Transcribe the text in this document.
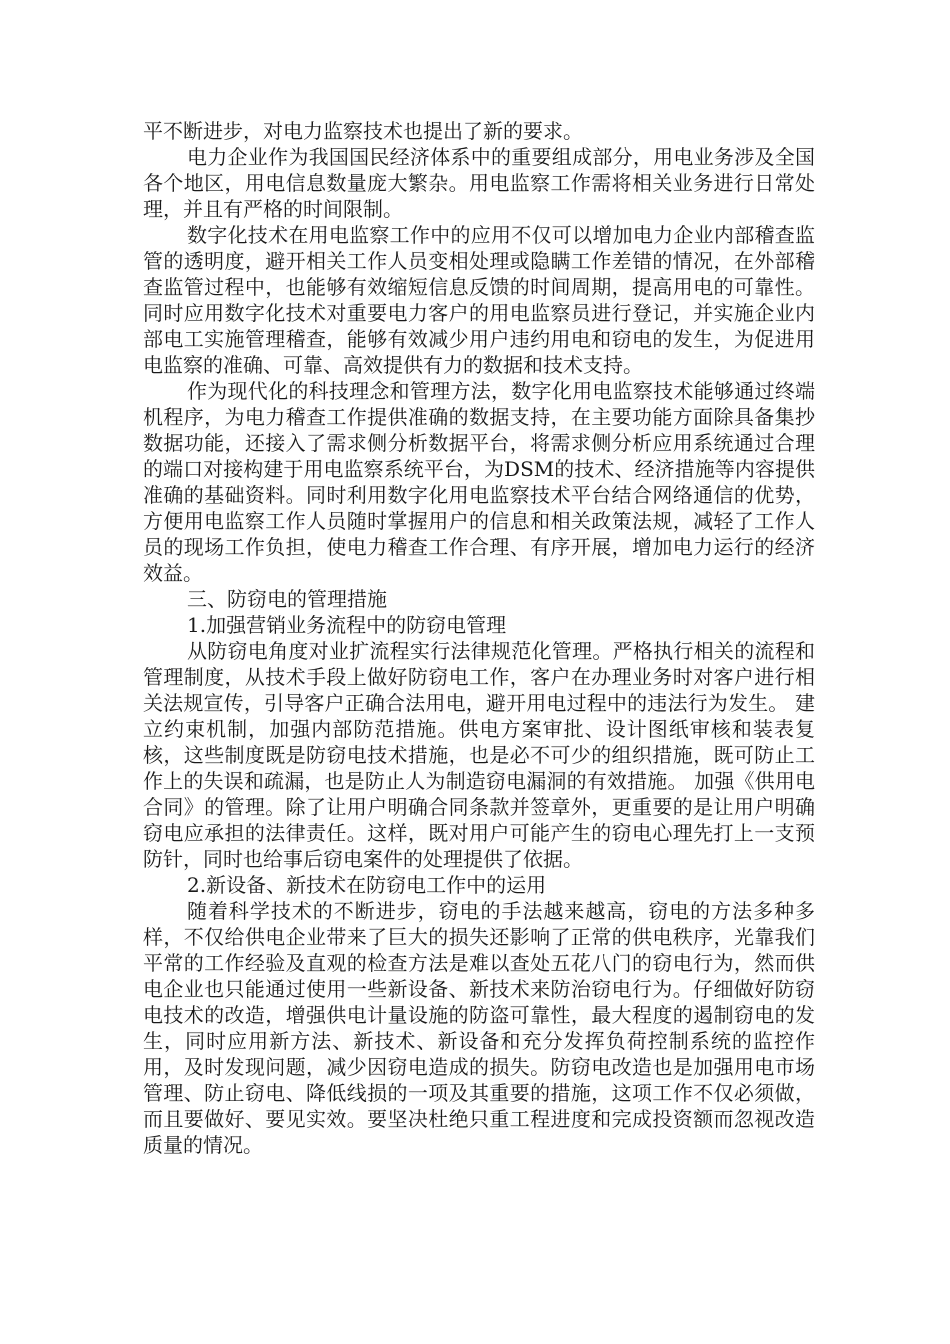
平不断进步，对电力监察技术也提出了新的要求。

电力企业作为我国国民经济体系中的重要组成部分，用电业务涉及全国各个地区，用电信息数量庞大繁杂。用电监察工作需将相关业务进行日常处理，并且有严格的时间限制。

数字化技术在用电监察工作中的应用不仅可以增加电力企业内部稽查监管的透明度，避开相关工作人员变相处理或隐瞒工作差错的情况，在外部稽查监管过程中，也能够有效缩短信息反馈的时间周期，提高用电的可靠性。同时应用数字化技术对重要电力客户的用电监察员进行登记，并实施企业内部电工实施管理稽查，能够有效减少用户违约用电和窃电的发生，为促进用电监察的准确、可靠、高效提供有力的数据和技术支持。

作为现代化的科技理念和管理方法，数字化用电监察技术能够通过终端机程序，为电力稽查工作提供准确的数据支持，在主要功能方面除具备集抄数据功能，还接入了需求侧分析数据平台，将需求侧分析应用系统通过合理的端口对接构建于用电监察系统平台，为DSM的技术、经济措施等内容提供准确的基础资料。同时利用数字化用电监察技术平台结合网络通信的优势，方便用电监察工作人员随时掌握用户的信息和相关政策法规，减轻了工作人员的现场工作负担，使电力稽查工作合理、有序开展，增加电力运行的经济效益。

三、防窃电的管理措施

1.加强营销业务流程中的防窃电管理

从防窃电角度对业扩流程实行法律规范化管理。严格执行相关的流程和管理制度，从技术手段上做好防窃电工作，客户在办理业务时对客户进行相关法规宣传，引导客户正确合法用电，避开用电过程中的违法行为发生。 建立约束机制，加强内部防范措施。供电方案审批、设计图纸审核和装表复核，这些制度既是防窃电技术措施，也是必不可少的组织措施，既可防止工作上的失误和疏漏，也是防止人为制造窃电漏洞的有效措施。 加强《供用电合同》的管理。除了让用户明确合同条款并签章外，更重要的是让用户明确窃电应承担的法律责任。这样，既对用户可能产生的窃电心理先打上一支预防针，同时也给事后窃电案件的处理提供了依据。

2.新设备、新技术在防窃电工作中的运用

随着科学技术的不断进步，窃电的手法越来越高，窃电的方法多种多样，不仅给供电企业带来了巨大的损失还影响了正常的供电秩序，光靠我们平常的工作经验及直观的检查方法是难以查处五花八门的窃电行为，然而供电企业也只能通过使用一些新设备、新技术来防治窃电行为。仔细做好防窃电技术的改造，增强供电计量设施的防盗可靠性，最大程度的遏制窃电的发生，同时应用新方法、新技术、新设备和充分发挥负荷控制系统的监控作用，及时发现问题，减少因窃电造成的损失。防窃电改造也是加强用电市场管理、防止窃电、降低线损的一项及其重要的措施，这项工作不仅必须做，而且要做好、要见实效。要坚决杜绝只重工程进度和完成投资额而忽视改造质量的情况。
